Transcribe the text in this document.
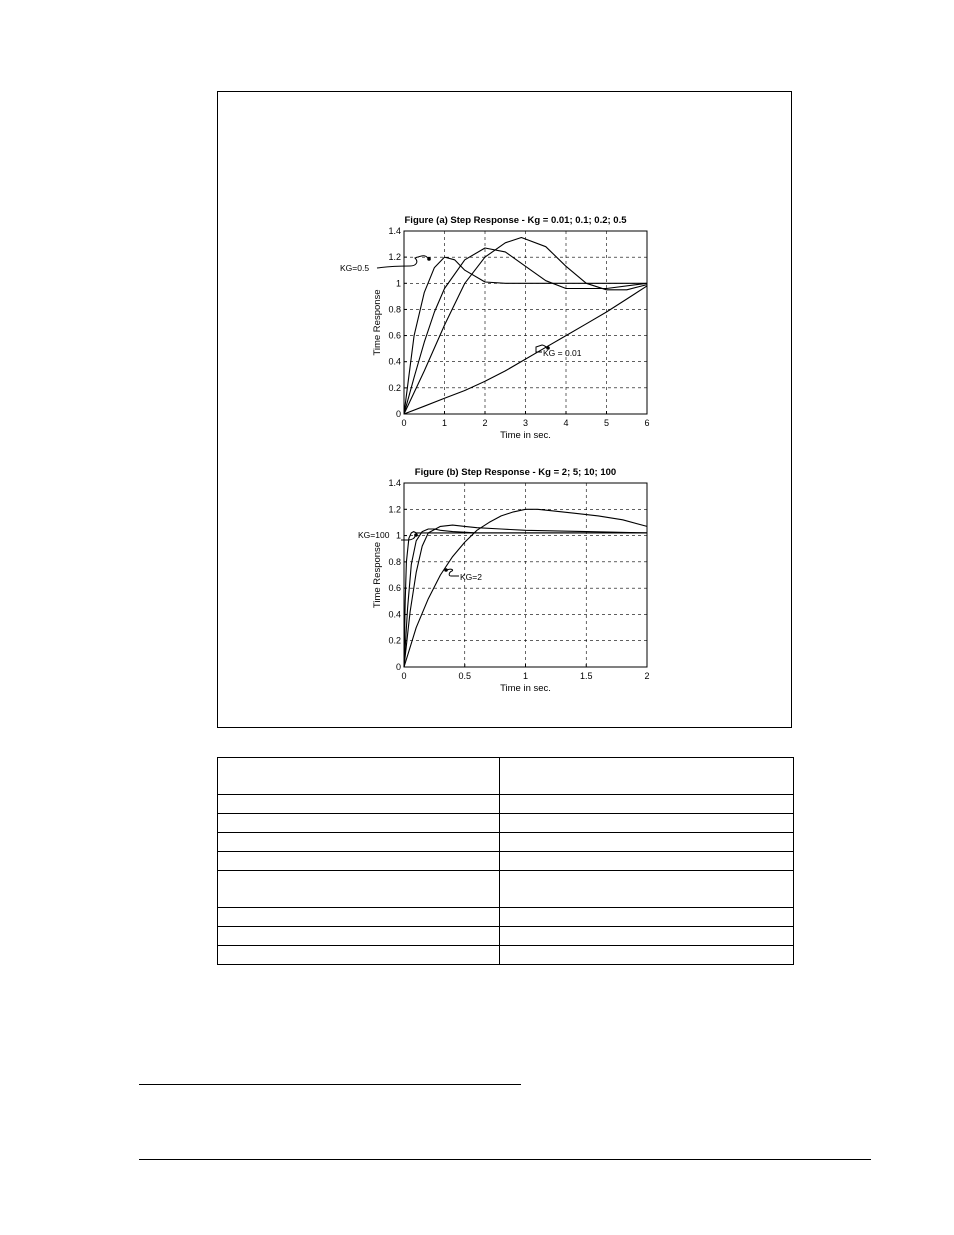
0	1	2	3	4	5	6
0
0.2
0.4
0.6
0.8
1
1.2
1.4
Figure (a) Step Response - Kg = 0.01; 0.1; 0.2; 0.5
Time in sec.
Time Response
KG=0.5
KG = 0.01
0	0.5	1	1.5	2
0
0.2
0.4
0.6
0.8
1
1.2
1.4
Figure (b) Step Response - Kg = 2; 5; 10; 100
Time in sec.
Time Response
KG=100
KG=2
